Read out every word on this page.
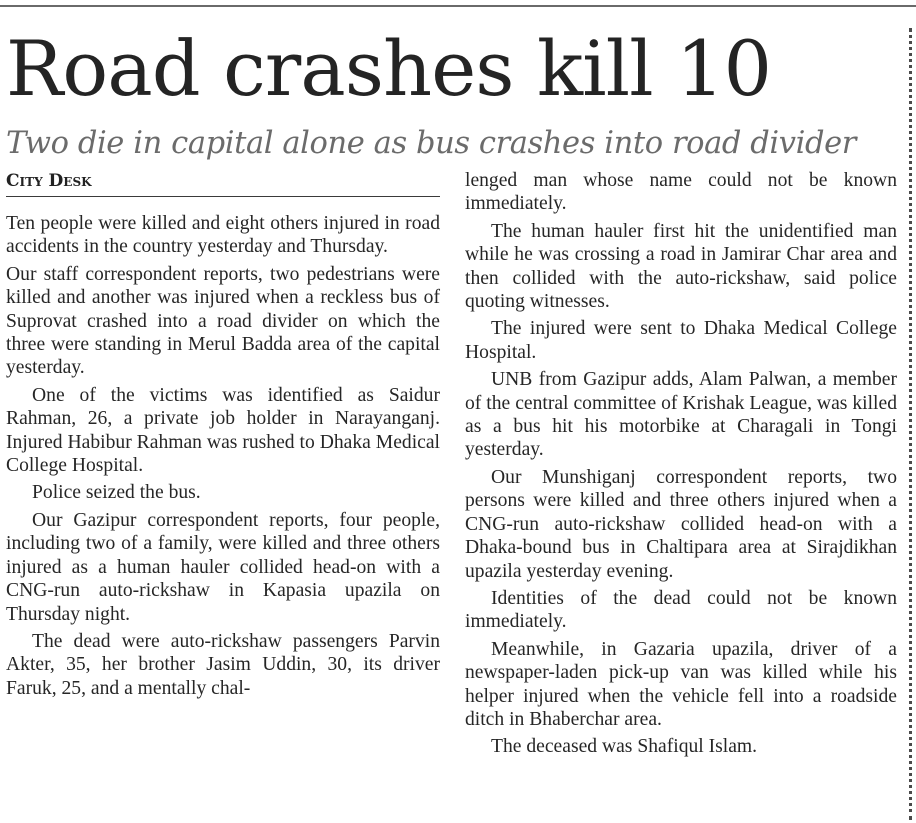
Road crashes kill 10
Two die in capital alone as bus crashes into road divider
City Desk

Ten people were killed and eight others injured in road accidents in the country yesterday and Thursday.

Our staff correspondent reports, two pedestrians were killed and another was injured when a reckless bus of Suprovat crashed into a road divider on which the three were standing in Merul Badda area of the capital yesterday.

One of the victims was identified as Saidur Rahman, 26, a private job holder in Narayanganj. Injured Habibur Rahman was rushed to Dhaka Medical College Hospital.

Police seized the bus.

Our Gazipur correspondent reports, four people, including two of a family, were killed and three others injured as a human hauler collided head-on with a CNG-run auto-rickshaw in Kapasia upazila on Thursday night.

The dead were auto-rickshaw passengers Parvin Akter, 35, her brother Jasim Uddin, 30, its driver Faruk, 25, and a mentally chal-

lenged man whose name could not be known immediately.

The human hauler first hit the unidentified man while he was crossing a road in Jamirar Char area and then collided with the auto-rickshaw, said police quoting witnesses.

The injured were sent to Dhaka Medical College Hospital.

UNB from Gazipur adds, Alam Palwan, a member of the central committee of Krishak League, was killed as a bus hit his motorbike at Charagali in Tongi yesterday.

Our Munshiganj correspondent reports, two persons were killed and three others injured when a CNG-run auto-rickshaw collided head-on with a Dhaka-bound bus in Chaltipara area at Sirajdikhan upazila yesterday evening.

Identities of the dead could not be known immediately.

Meanwhile, in Gazaria upazila, driver of a newspaper-laden pick-up van was killed while his helper injured when the vehicle fell into a roadside ditch in Bhaberchar area.

The deceased was Shafiqul Islam.
